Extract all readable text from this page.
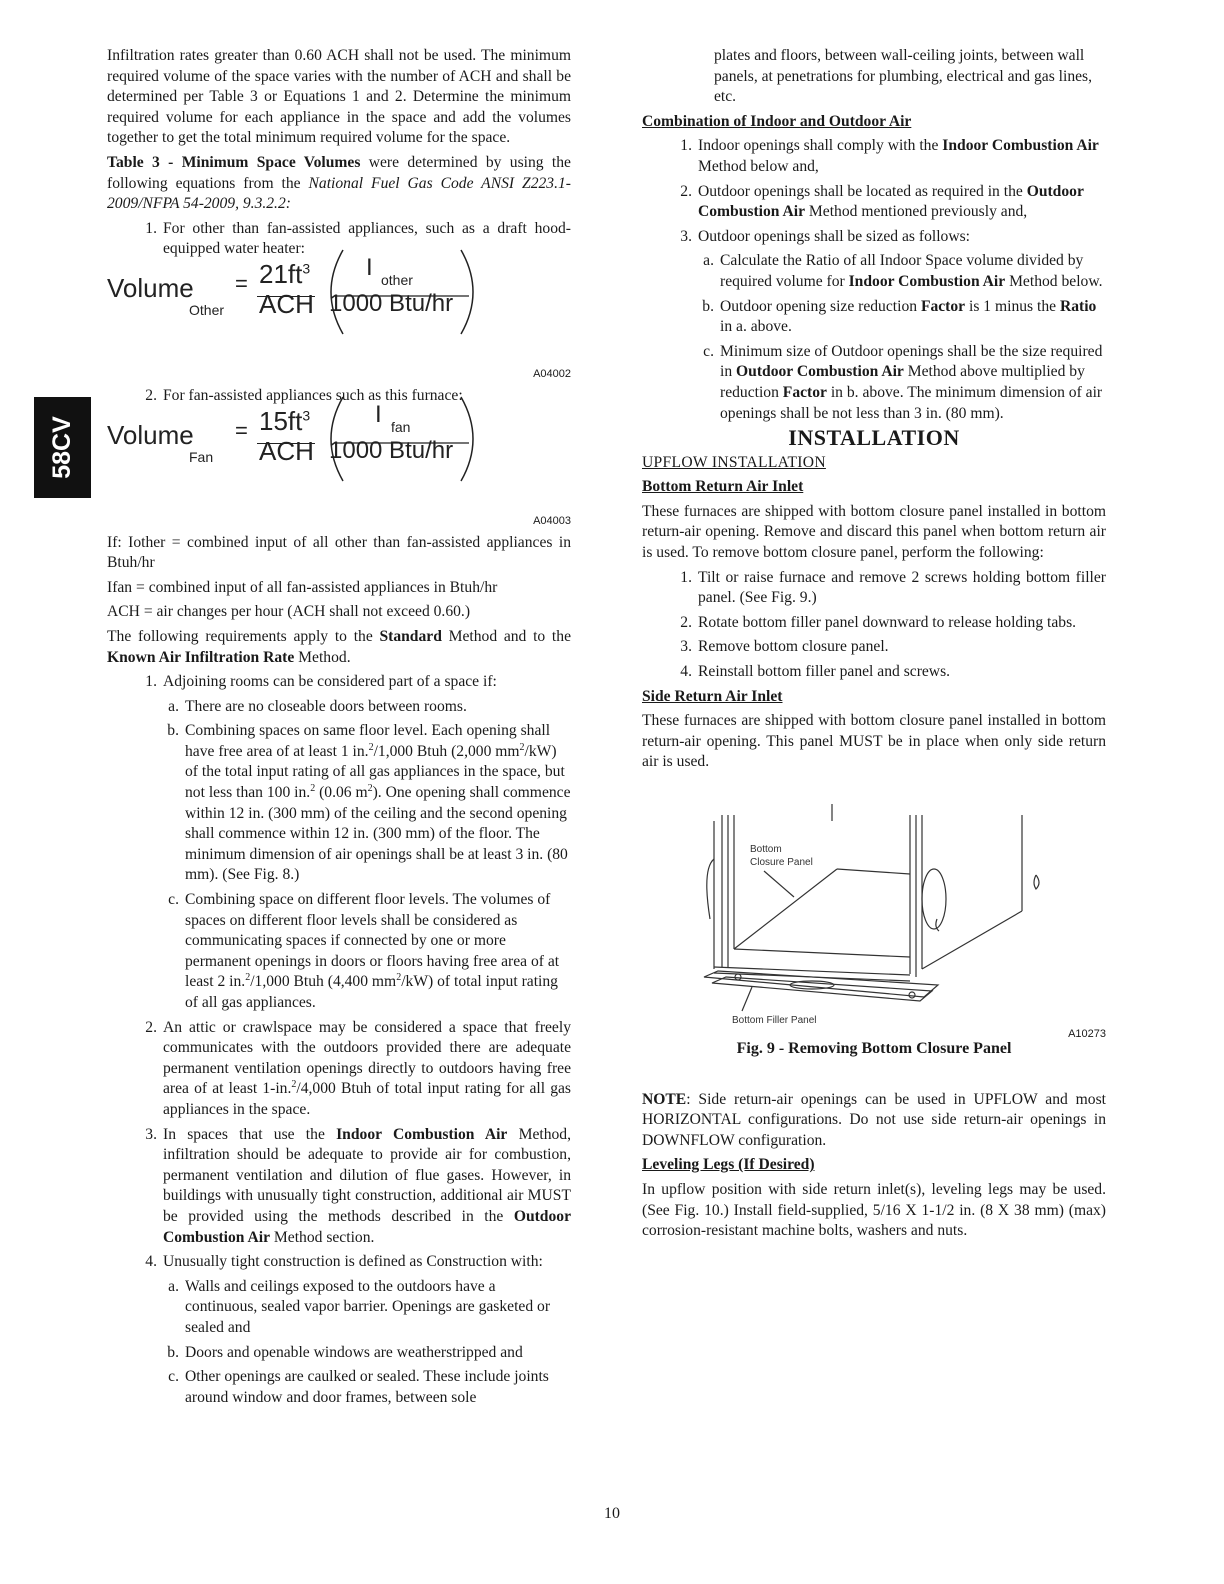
58CV

Infiltration rates greater than 0.60 ACH shall not be used. The minimum required volume of the space varies with the number of ACH and shall be determined per Table 3 or Equations 1 and 2. Determine the minimum required volume for each appliance in the space and add the volumes together to get the total minimum required volume for the space.

Table 3 - Minimum Space Volumes were determined by using the following equations from the National Fuel Gas Code ANSI Z223.1-2009/NFPA 54-2009, 9.3.2.2:

1. For other than fan-assisted appliances, such as a draft hood-equipped water heater:
Volume
Other
= $21ft^3$
ACH
I other
1000 Btu/hr
A04002
2. For fan-assisted appliances such as this furnace:
Volume
Fan
= $15ft^3$
ACH
I fan
1000 Btu/hr
A04003

If: Iother = combined input of all other than fan-assisted appliances in Btuh/hr

Ifan = combined input of all fan-assisted appliances in Btuh/hr

ACH = air changes per hour (ACH shall not exceed 0.60.)

The following requirements apply to the Standard Method and to the Known Air Infiltration Rate Method.

1. Adjoining rooms can be considered part of a space if:
a. There are no closeable doors between rooms.
b. Combining spaces on same floor level. Each opening shall have free area of at least 1 in.$^2$/1,000 Btuh (2,000 $mm^2/kW$) of the total input rating of all gas appliances in the space, but not less than 100 in.$^2$ (0.06 $m^2$). One opening shall commence within 12 in. (300 mm) of the ceiling and the second opening shall commence within 12 in. (300 mm) of the floor. The minimum dimension of air openings shall be at least 3 in. (80 mm). (See Fig. 8.)
c. Combining space on different floor levels. The volumes of spaces on different floor levels shall be considered as communicating spaces if connected by one or more permanent openings in doors or floors having free area of at least 2 in.$^2$/1,000 Btuh (4,400 $mm^2/kW$) of total input rating of all gas appliances.
2. An attic or crawlspace may be considered a space that freely communicates with the outdoors provided there are adequate permanent ventilation openings directly to outdoors having free area of at least 1-in.$^2$/4,000 Btuh of total input rating for all gas appliances in the space.
3. In spaces that use the Indoor Combustion Air Method, infiltration should be adequate to provide air for combustion, permanent ventilation and dilution of flue gases. However, in buildings with unusually tight construction, additional air MUST be provided using the methods described in the Outdoor Combustion Air Method section.
4. Unusually tight construction is defined as Construction with:
a. Walls and ceilings exposed to the outdoors have a continuous, sealed vapor barrier. Openings are gasketed or sealed and
b. Doors and openable windows are weatherstripped and
c. Other openings are caulked or sealed. These include joints around window and door frames, between sole

plates and floors, between wall-ceiling joints, between wall panels, at penetrations for plumbing, electrical and gas lines, etc.

Combination of Indoor and Outdoor Air
1. Indoor openings shall comply with the Indoor Combustion Air Method below and,
2. Outdoor openings shall be located as required in the Outdoor Combustion Air Method mentioned previously and,
3. Outdoor openings shall be sized as follows:
a. Calculate the Ratio of all Indoor Space volume divided by required volume for Indoor Combustion Air Method below.
b. Outdoor opening size reduction Factor is 1 minus the Ratio in a. above.
c. Minimum size of Outdoor openings shall be the size required in Outdoor Combustion Air Method above multiplied by reduction Factor in b. above. The minimum dimension of air openings shall be not less than 3 in. (80 mm).
INSTALLATION
UPFLOW INSTALLATION
Bottom Return Air Inlet

These furnaces are shipped with bottom closure panel installed in bottom return-air opening. Remove and discard this panel when bottom return air is used. To remove bottom closure panel, perform the following:

1. Tilt or raise furnace and remove 2 screws holding bottom filler panel. (See Fig. 9.)
2. Rotate bottom filler panel downward to release holding tabs.
3. Remove bottom closure panel.
4. Reinstall bottom filler panel and screws.
Side Return Air Inlet

These furnaces are shipped with bottom closure panel installed in bottom return-air opening. This panel MUST be in place when only side return air is used.

Bottom
Closure Panel
Bottom Filler Panel
A10273
Fig. 9 - Removing Bottom Closure Panel

NOTE: Side return-air openings can be used in UPFLOW and most HORIZONTAL configurations. Do not use side return-air openings in DOWNFLOW configuration.

Leveling Legs (If Desired)

In upflow position with side return inlet(s), leveling legs may be used. (See Fig. 10.) Install field-supplied, 5/16 X 1-1/2 in. (8 X 38 mm) (max) corrosion-resistant machine bolts, washers and nuts.

10
